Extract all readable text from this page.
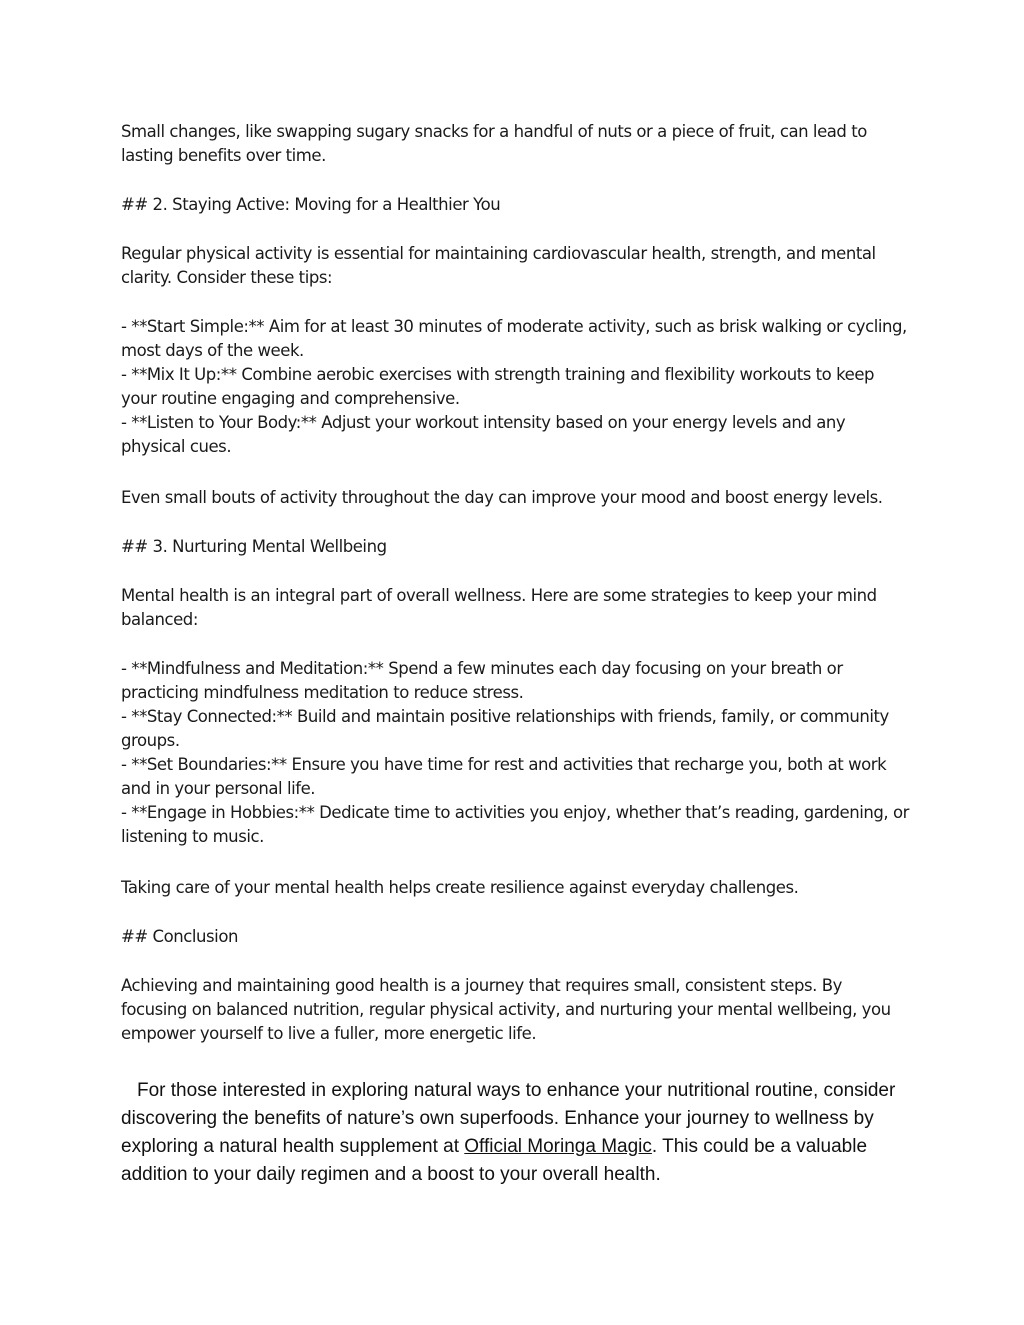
Small changes, like swapping sugary snacks for a handful of nuts or a piece of fruit, can lead to lasting benefits over time.

## 2. Staying Active: Moving for a Healthier You

Regular physical activity is essential for maintaining cardiovascular health, strength, and mental clarity. Consider these tips:

- **Start Simple:** Aim for at least 30 minutes of moderate activity, such as brisk walking or cycling, most days of the week.

- **Mix It Up:** Combine aerobic exercises with strength training and flexibility workouts to keep your routine engaging and comprehensive.

- **Listen to Your Body:** Adjust your workout intensity based on your energy levels and any physical cues.

Even small bouts of activity throughout the day can improve your mood and boost energy levels.

## 3. Nurturing Mental Wellbeing

Mental health is an integral part of overall wellness. Here are some strategies to keep your mind balanced:

- **Mindfulness and Meditation:** Spend a few minutes each day focusing on your breath or practicing mindfulness meditation to reduce stress.

- **Stay Connected:** Build and maintain positive relationships with friends, family, or community groups.

- **Set Boundaries:** Ensure you have time for rest and activities that recharge you, both at work and in your personal life.

- **Engage in Hobbies:** Dedicate time to activities you enjoy, whether that’s reading, gardening, or listening to music.

Taking care of your mental health helps create resilience against everyday challenges.

## Conclusion

Achieving and maintaining good health is a journey that requires small, consistent steps. By focusing on balanced nutrition, regular physical activity, and nurturing your mental wellbeing, you empower yourself to live a fuller, more energetic life.

For those interested in exploring natural ways to enhance your nutritional routine, consider discovering the benefits of nature’s own superfoods. Enhance your journey to wellness by exploring a natural health supplement at Official Moringa Magic. This could be a valuable addition to your daily regimen and a boost to your overall health.
